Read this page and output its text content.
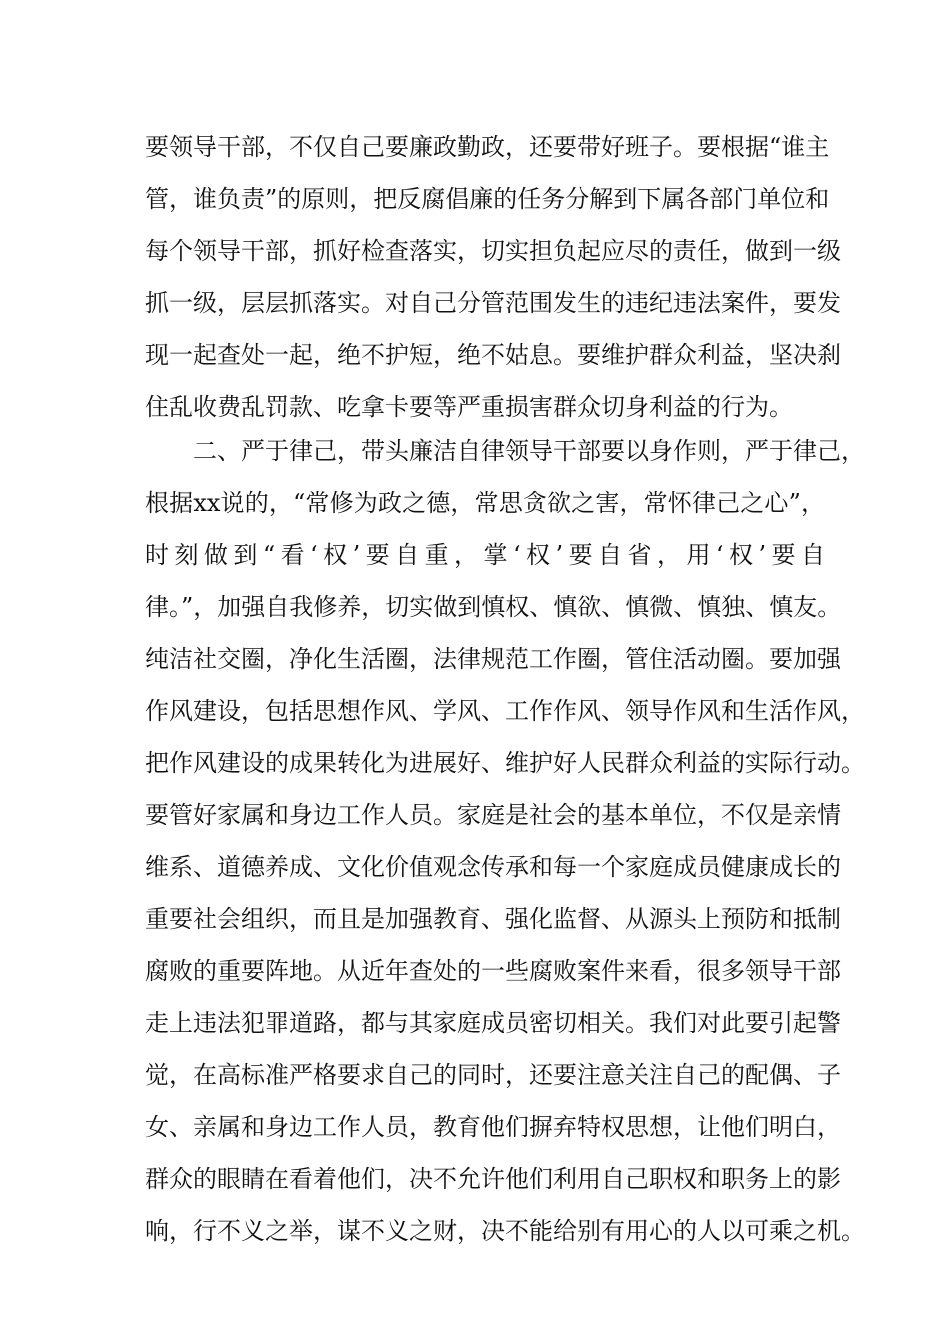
要领导干部，不仅自己要廉政勤政，还要带好班子。要根据“谁主
管，谁负责”的原则，把反腐倡廉的任务分解到下属各部门单位和
每个领导干部，抓好检查落实，切实担负起应尽的责任，做到一级
抓一级，层层抓落实。对自己分管范围发生的违纪违法案件，要发
现一起查处一起，绝不护短，绝不姑息。要维护群众利益，坚决刹
住乱收费乱罚款、吃拿卡要等严重损害群众切身利益的行为。
二、严于律己，带头廉洁自律领导干部要以身作则，严于律己，
根据xx说的，“常修为政之德，常思贪欲之害，常怀律己之心”，
时刻做到“看‘权’要自重，掌‘权’要自省，用‘权’要自
律。”，加强自我修养，切实做到慎权、慎欲、慎微、慎独、慎友。
纯洁社交圈，净化生活圈，法律规范工作圈，管住活动圈。要加强
作风建设，包括思想作风、学风、工作作风、领导作风和生活作风，
把作风建设的成果转化为进展好、维护好人民群众利益的实际行动。
要管好家属和身边工作人员。家庭是社会的基本单位，不仅是亲情
维系、道德养成、文化价值观念传承和每一个家庭成员健康成长的
重要社会组织，而且是加强教育、强化监督、从源头上预防和抵制
腐败的重要阵地。从近年查处的一些腐败案件来看，很多领导干部
走上违法犯罪道路，都与其家庭成员密切相关。我们对此要引起警
觉，在高标准严格要求自己的同时，还要注意关注自己的配偶、子
女、亲属和身边工作人员，教育他们摒弃特权思想，让他们明白，
群众的眼睛在看着他们，决不允许他们利用自己职权和职务上的影
响，行不义之举，谋不义之财，决不能给别有用心的人以可乘之机。
